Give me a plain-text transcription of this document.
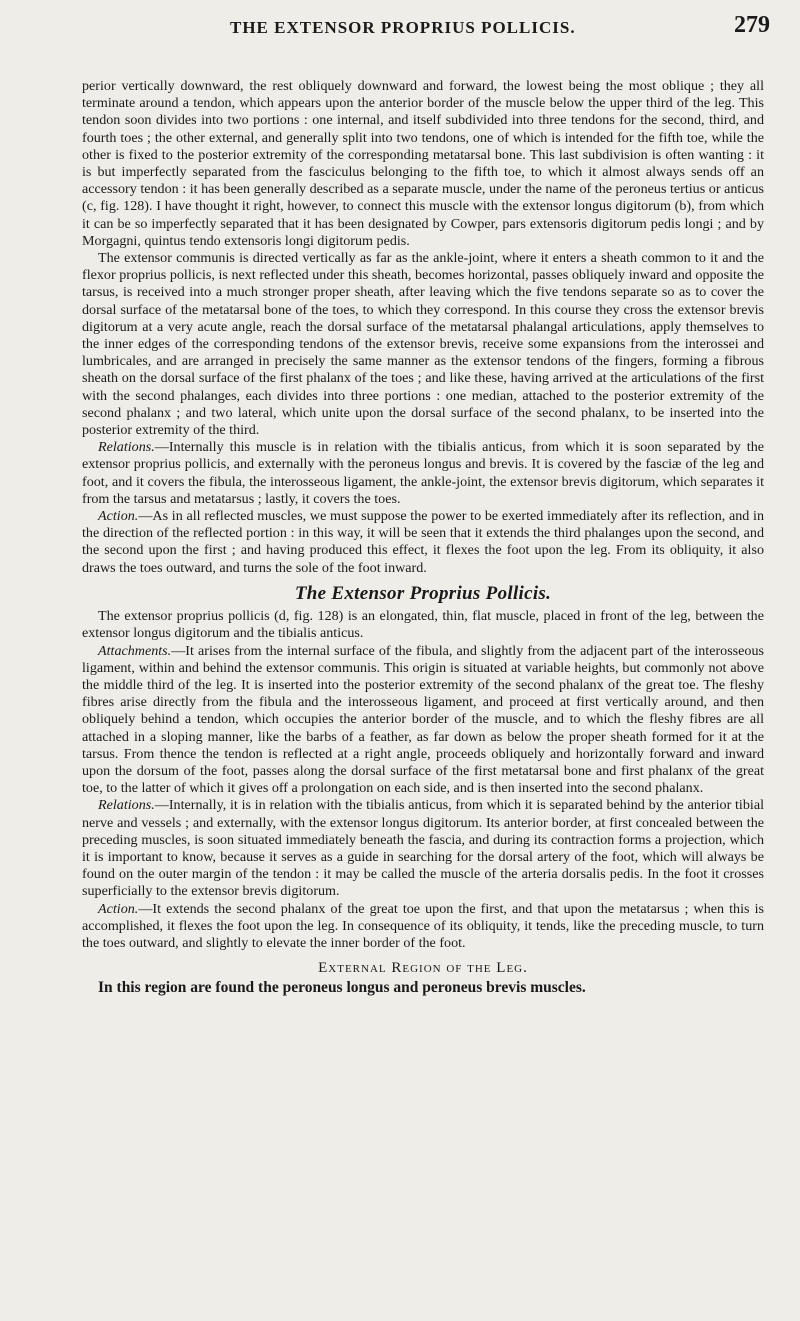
THE EXTENSOR PROPRIUS POLLICIS.	279

perior vertically downward, the rest obliquely downward and forward, the lowest being the most oblique ; they all terminate around a tendon, which appears upon the anterior border of the muscle below the upper third of the leg. This tendon soon divides into two portions : one internal, and itself subdivided into three tendons for the second, third, and fourth toes ; the other external, and generally split into two tendons, one of which is intended for the fifth toe, while the other is fixed to the posterior extremity of the corresponding metatarsal bone. This last subdivision is often wanting : it is but imperfectly separated from the fasciculus belonging to the fifth toe, to which it almost always sends off an accessory tendon : it has been generally described as a separate muscle, under the name of the peroneus tertius or anticus (c, fig. 128). I have thought it right, however, to connect this muscle with the extensor longus digitorum (b), from which it can be so imperfectly separated that it has been designated by Cowper, pars extensoris digitorum pedis longi ; and by Morgagni, quintus tendo extensoris longi digitorum pedis.

The extensor communis is directed vertically as far as the ankle-joint, where it enters a sheath common to it and the flexor proprius pollicis, is next reflected under this sheath, becomes horizontal, passes obliquely inward and opposite the tarsus, is received into a much stronger proper sheath, after leaving which the five tendons separate so as to cover the dorsal surface of the metatarsal bone of the toes, to which they correspond. In this course they cross the extensor brevis digitorum at a very acute angle, reach the dorsal surface of the metatarsal phalangal articulations, apply themselves to the inner edges of the corresponding tendons of the extensor brevis, receive some expansions from the interossei and lumbricales, and are arranged in precisely the same manner as the extensor tendons of the fingers, forming a fibrous sheath on the dorsal surface of the first phalanx of the toes ; and like these, having arrived at the articulations of the first with the second phalanges, each divides into three portions : one median, attached to the posterior extremity of the second phalanx ; and two lateral, which unite upon the dorsal surface of the second phalanx, to be inserted into the posterior extremity of the third.

Relations.—Internally this muscle is in relation with the tibialis anticus, from which it is soon separated by the extensor proprius pollicis, and externally with the peroneus longus and brevis. It is covered by the fasciæ of the leg and foot, and it covers the fibula, the interosseous ligament, the ankle-joint, the extensor brevis digitorum, which separates it from the tarsus and metatarsus ; lastly, it covers the toes.

Action.—As in all reflected muscles, we must suppose the power to be exerted immediately after its reflection, and in the direction of the reflected portion : in this way, it will be seen that it extends the third phalanges upon the second, and the second upon the first ; and having produced this effect, it flexes the foot upon the leg. From its obliquity, it also draws the toes outward, and turns the sole of the foot inward.

The Extensor Proprius Pollicis.

The extensor proprius pollicis (d, fig. 128) is an elongated, thin, flat muscle, placed in front of the leg, between the extensor longus digitorum and the tibialis anticus.

Attachments.—It arises from the internal surface of the fibula, and slightly from the adjacent part of the interosseous ligament, within and behind the extensor communis. This origin is situated at variable heights, but commonly not above the middle third of the leg. It is inserted into the posterior extremity of the second phalanx of the great toe. The fleshy fibres arise directly from the fibula and the interosseous ligament, and proceed at first vertically around, and then obliquely behind a tendon, which occupies the anterior border of the muscle, and to which the fleshy fibres are all attached in a sloping manner, like the barbs of a feather, as far down as below the proper sheath formed for it at the tarsus. From thence the tendon is reflected at a right angle, proceeds obliquely and horizontally forward and inward upon the dorsum of the foot, passes along the dorsal surface of the first metatarsal bone and first phalanx of the great toe, to the latter of which it gives off a prolongation on each side, and is then inserted into the second phalanx.

Relations.—Internally, it is in relation with the tibialis anticus, from which it is separated behind by the anterior tibial nerve and vessels ; and externally, with the extensor longus digitorum. Its anterior border, at first concealed between the preceding muscles, is soon situated immediately beneath the fascia, and during its contraction forms a projection, which it is important to know, because it serves as a guide in searching for the dorsal artery of the foot, which will always be found on the outer margin of the tendon : it may be called the muscle of the arteria dorsalis pedis. In the foot it crosses superficially to the extensor brevis digitorum.

Action.—It extends the second phalanx of the great toe upon the first, and that upon the metatarsus ; when this is accomplished, it flexes the foot upon the leg. In consequence of its obliquity, it tends, like the preceding muscle, to turn the toes outward, and slightly to elevate the inner border of the foot.

External Region of the Leg.

In this region are found the peroneus longus and peroneus brevis muscles.
